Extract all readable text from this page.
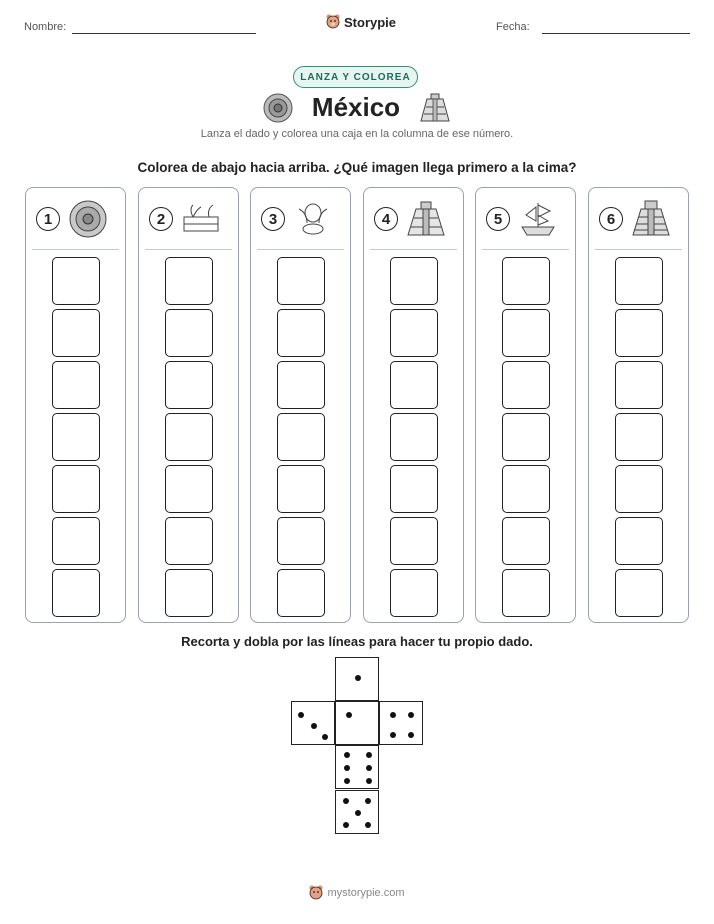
Nombre:	Storypie	Fecha:
LANZA Y COLOREA
México
Lanza el dado y colorea una caja en la columna de ese número.
Colorea de abajo hacia arriba. ¿Qué imagen llega primero a la cima?
1	2	3	4	5	6
Recorta y dobla por las líneas para hacer tu propio dado.
mystorypie.com
